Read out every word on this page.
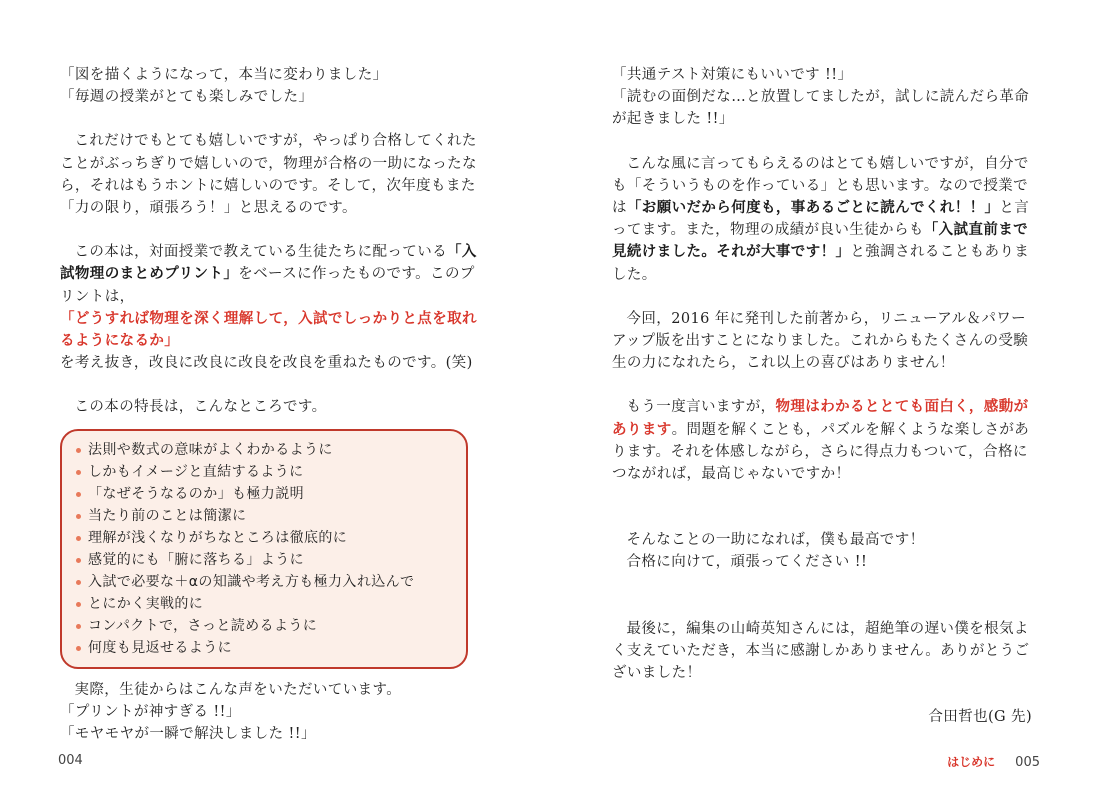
「図を描くようになって，本当に変わりました」

「毎週の授業がとても楽しみでした」

これだけでもとても嬉しいですが，やっぱり合格してくれたことがぶっちぎりで嬉しいので，物理が合格の一助になったなら，それはもうホントに嬉しいのです。そして，次年度もまた「力の限り，頑張ろう！」と思えるのです。

この本は，対面授業で教えている生徒たちに配っている「入試物理のまとめプリント」をベースに作ったものです。このプリントは，

「どうすれば物理を深く理解して，入試でしっかりと点を取れるようになるか」

を考え抜き，改良に改良に改良を改良を重ねたものです。(笑)

この本の特長は，こんなところです。

法則や数式の意味がよくわかるように
しかもイメージと直結するように
「なぜそうなるのか」も極力説明
当たり前のことは簡潔に
理解が浅くなりがちなところは徹底的に
感覚的にも「腑に落ちる」ように
入試で必要な＋αの知識や考え方も極力入れ込んで
とにかく実戦的に
コンパクトで，さっと読めるように
何度も見返せるように

実際，生徒からはこんな声をいただいています。

「プリントが神すぎる !!」

「モヤモヤが一瞬で解決しました !!」

004

「共通テスト対策にもいいです !!」

「読むの面倒だな…と放置してましたが，試しに読んだら革命が起きました !!」

こんな風に言ってもらえるのはとても嬉しいですが，自分でも「そういうものを作っている」とも思います。なので授業では「お願いだから何度も，事あるごとに読んでくれ！！」と言ってます。また，物理の成績が良い生徒からも「入試直前まで見続けました。それが大事です！」と強調されることもありました。

今回，2016 年に発刊した前著から，リニューアル＆パワーアップ版を出すことになりました。これからもたくさんの受験生の力になれたら，これ以上の喜びはありません！

もう一度言いますが，物理はわかるととても面白く，感動があります。問題を解くことも，パズルを解くような楽しさがあります。それを体感しながら，さらに得点力もついて，合格につながれば，最高じゃないですか！

そんなことの一助になれば，僕も最高です！

合格に向けて，頑張ってください !!

最後に，編集の山崎英知さんには，超絶筆の遅い僕を根気よく支えていただき，本当に感謝しかありません。ありがとうございました！

合田哲也(G 先)

はじめに 005
